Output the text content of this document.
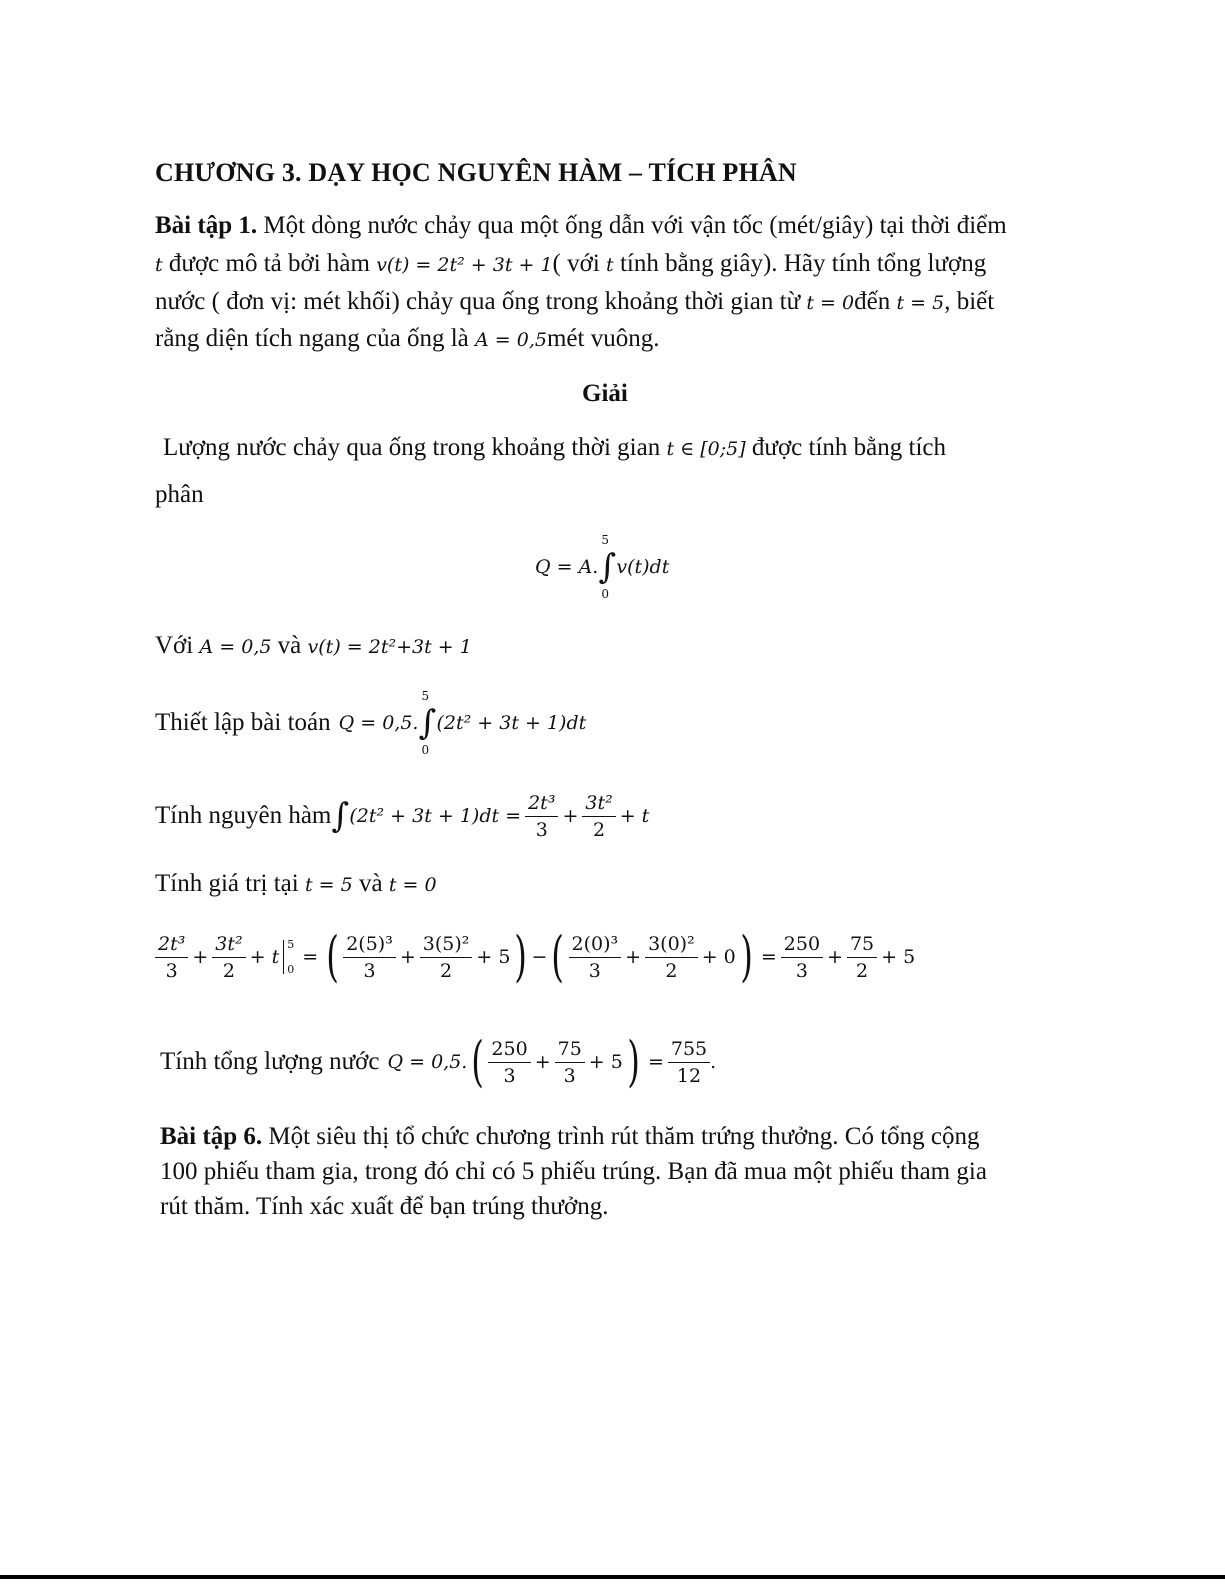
CHƯƠNG 3. DẠY HỌC NGUYÊN HÀM – TÍCH PHÂN
Bài tập 1. Một dòng nước chảy qua một ống dẫn với vận tốc (mét/giây) tại thời điểm
t được mô tả bởi hàm v(t) = 2t² + 3t + 1( với t tính bằng giây). Hãy tính tổng lượng
nước ( đơn vị: mét khối) chảy qua ống trong khoảng thời gian từ t = 0đến t = 5, biết
rằng diện tích ngang của ống là A = 0,5mét vuông.
Giải
Lượng nước chảy qua ống trong khoảng thời gian t ∈ [0;5] được tính bằng tích
phân
Q = A. ∫
5
0
v(t)dt
Với A = 0,5 và v(t) = 2t²+3t + 1
Thiết lập bài toán Q = 0,5. ∫
5
0
(2t² + 3t + 1)dt
Tính nguyên hàm ∫ $(2t^2 + 3t + 1)dt = \frac{\text{2t³}}{3} + \frac{\text{3t²}}{2} + t$
Tính giá trị tại t = 5 và t = 0
$\frac{\text{2t³}}{3} + \frac{\text{3t²}}{2} + t$
5
0
= ( $\frac{\text{2(5)³}}{3} + \frac{\text{3(5)²}}{2} + 5$ ) − ( $\frac{\text{2(0)³}}{3} + \frac{\text{3(0)²}}{2} + 0$ ) = $\frac{250}{3} + \frac{75}{2} + 5$
Tính tổng lượng nước Q = 0,5. ( $\frac{250}{3} + \frac{75}{3} + 5$ ) = $\frac{755}{12}$ .
Bài tập 6. Một siêu thị tổ chức chương trình rút thăm trứng thưởng. Có tổng cộng
100 phiếu tham gia, trong đó chỉ có 5 phiếu trúng. Bạn đã mua một phiếu tham gia
rút thăm. Tính xác xuất để bạn trúng thưởng.
